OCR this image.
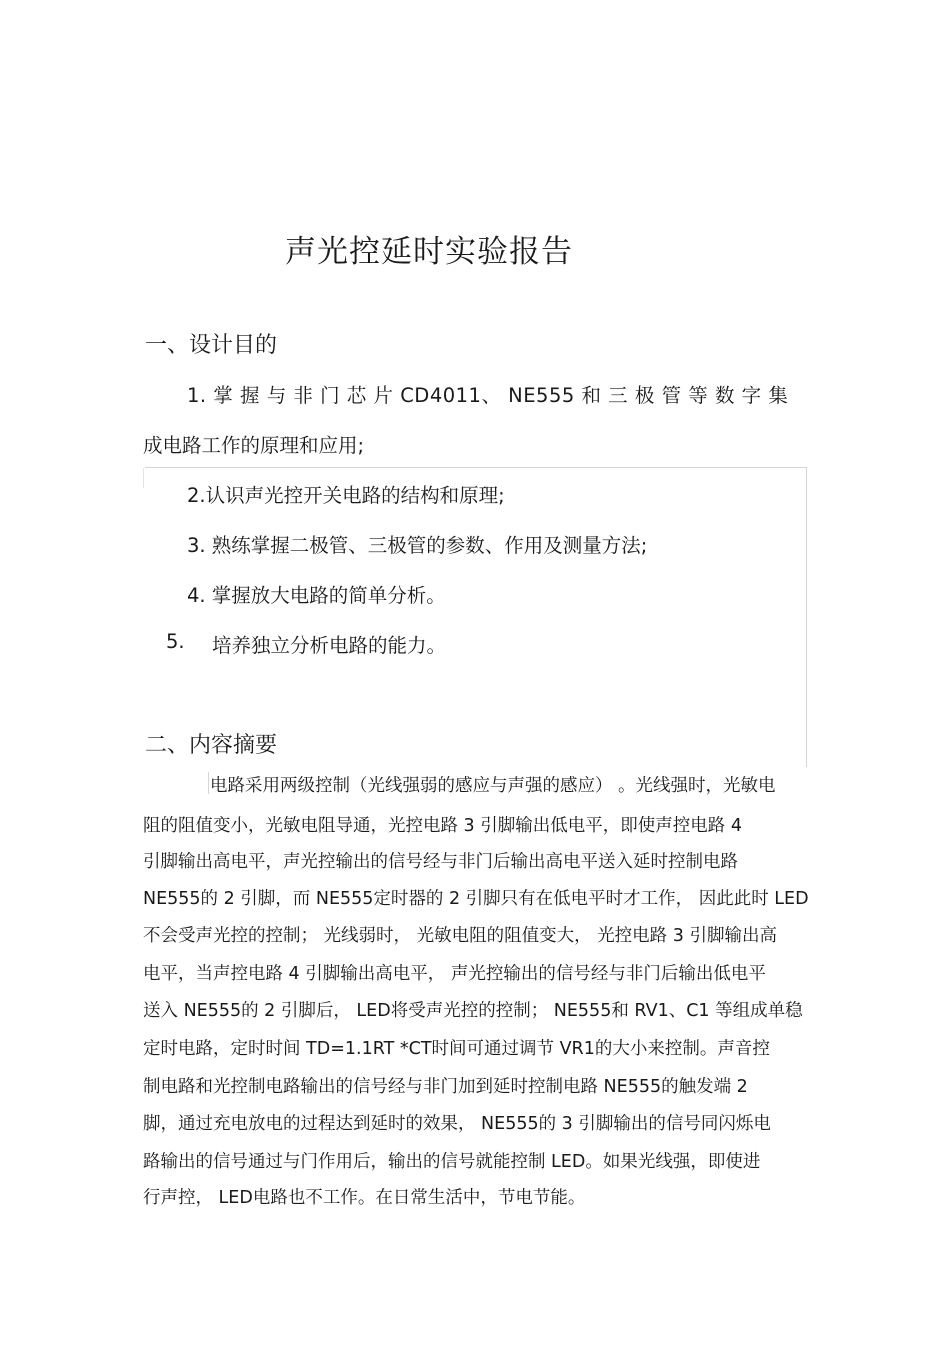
声光控延时实验报告
一、设计目的
1. 掌 握 与 非 门 芯 片 CD4011、 NE555 和 三 极 管 等 数 字 集
成电路工作的原理和应用;
2.认识声光控开关电路的结构和原理;
3. 熟练掌握二极管、三极管的参数、作用及测量方法;
4. 掌握放大电路的简单分析。
5. 培养独立分析电路的能力。
二、内容摘要
电路采用两级控制（光线强弱的感应与声强的感应） 。光线强时，光敏电
阻的阻值变小，光敏电阻导通，光控电路 3 引脚输出低电平，即使声控电路 4
引脚输出高电平，声光控输出的信号经与非门后输出高电平送入延时控制电路
NE555的 2 引脚，而 NE555定时器的 2 引脚只有在低电平时才工作， 因此此时 LED
不会受声光控的控制； 光线弱时， 光敏电阻的阻值变大， 光控电路 3 引脚输出高
电平，当声控电路 4 引脚输出高电平， 声光控输出的信号经与非门后输出低电平
送入 NE555的 2 引脚后， LED将受声光控的控制； NE555和 RV1、C1 等组成单稳
定时电路，定时时间 TD=1.1RT *CT时间可通过调节 VR1的大小来控制。声音控
制电路和光控制电路输出的信号经与非门加到延时控制电路 NE555的触发端 2
脚，通过充电放电的过程达到延时的效果， NE555的 3 引脚输出的信号同闪烁电
路输出的信号通过与门作用后，输出的信号就能控制 LED。如果光线强，即使进
行声控， LED电路也不工作。在日常生活中，节电节能。
